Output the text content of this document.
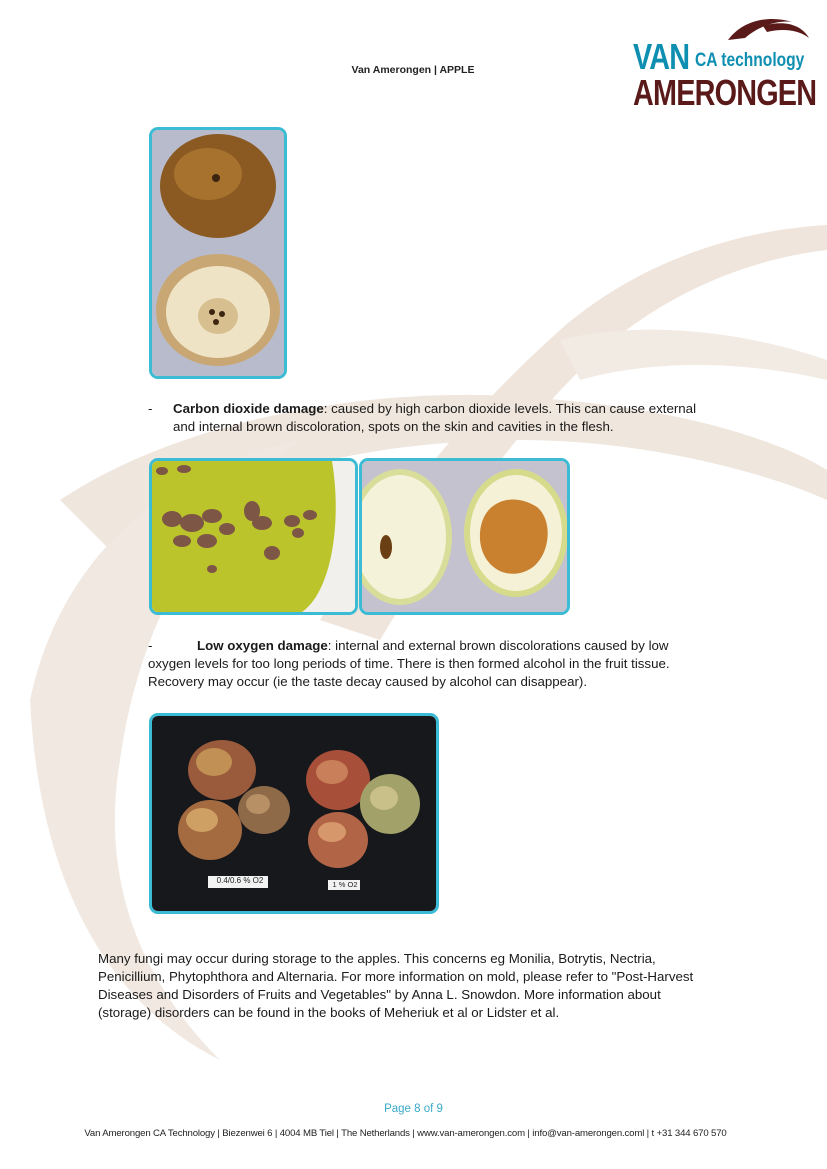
Van Amerongen | APPLE	VAN CA technology
AMERONGEN
- Carbon dioxide damage: caused by high carbon dioxide levels. This can cause external
and internal brown discoloration, spots on the skin and cavities in the flesh.
-	Low oxygen damage: internal and external brown discolorations caused by low
oxygen levels for too long periods of time. There is then formed alcohol in the fruit tissue.
Recovery may occur (ie the taste decay caused by alcohol can disappear).
0.4/0.6 % O2	1 % O2
Many fungi may occur during storage to the apples. This concerns eg Monilia, Botrytis, Nectria,
Penicillium, Phytophthora and Alternaria. For more information on mold, please refer to "Post-Harvest
Diseases and Disorders of Fruits and Vegetables" by Anna L. Snowdon. More information about
(storage) disorders can be found in the books of Meheriuk et al or Lidster et al.
Page 8 of 9
Van Amerongen CA Technology | Biezenwei 6 | 4004 MB Tiel | The Netherlands | www.van-amerongen.com | info@van-amerongen.coml | t +31 344 670 570
